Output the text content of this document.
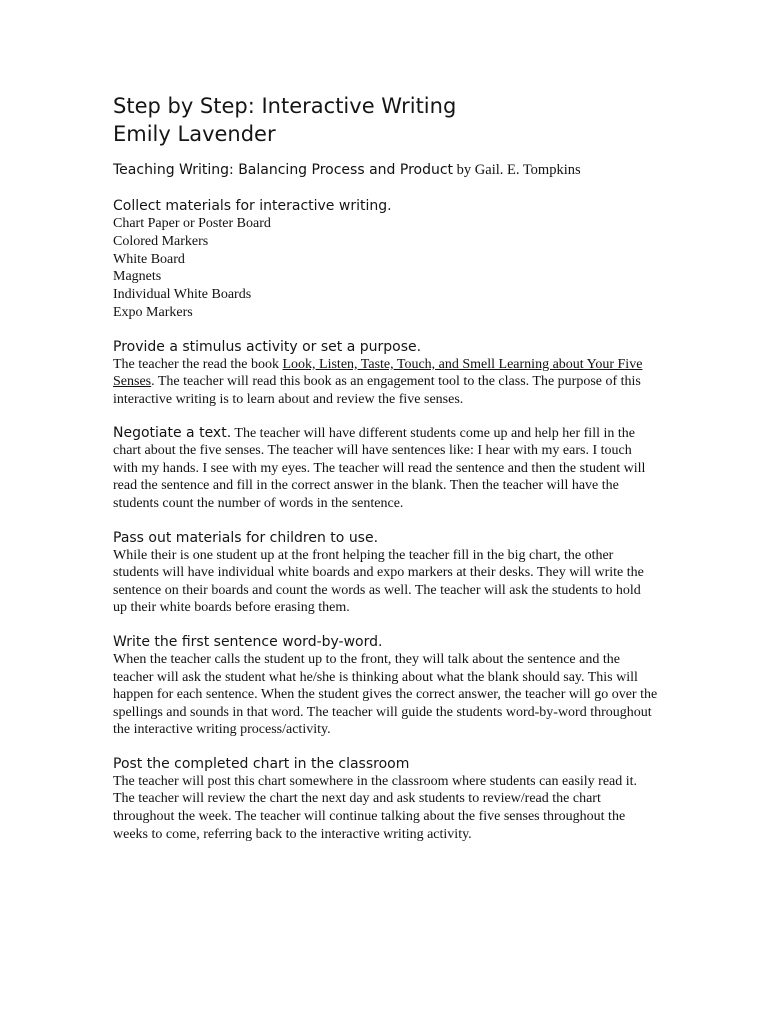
Step by Step: Interactive Writing
Emily Lavender
Teaching Writing: Balancing Process and Product by Gail. E. Tompkins

Collect materials for interactive writing.

Chart Paper or Poster Board
Colored Markers
White Board
Magnets
Individual White Boards
Expo Markers

Provide a stimulus activity or set a purpose.

The teacher the read the book Look, Listen, Taste, Touch, and Smell Learning about Your Five Senses. The teacher will read this book as an engagement tool to the class. The purpose of this interactive writing is to learn about and review the five senses.

Negotiate a text. The teacher will have different students come up and help her fill in the chart about the five senses. The teacher will have sentences like: I hear with my ears. I touch with my hands. I see with my eyes. The teacher will read the sentence and then the student will read the sentence and fill in the correct answer in the blank. Then the teacher will have the students count the number of words in the sentence.

Pass out materials for children to use.

While their is one student up at the front helping the teacher fill in the big chart, the other students will have individual white boards and expo markers at their desks. They will write the sentence on their boards and count the words as well. The teacher will ask the students to hold up their white boards before erasing them.

Write the first sentence word-by-word.

When the teacher calls the student up to the front, they will talk about the sentence and the teacher will ask the student what he/she is thinking about what the blank should say. This will happen for each sentence. When the student gives the correct answer, the teacher will go over the spellings and sounds in that word. The teacher will guide the students word-by-word throughout the interactive writing process/activity.

Post the completed chart in the classroom

The teacher will post this chart somewhere in the classroom where students can easily read it. The teacher will review the chart the next day and ask students to review/read the chart throughout the week. The teacher will continue talking about the five senses throughout the weeks to come, referring back to the interactive writing activity.
